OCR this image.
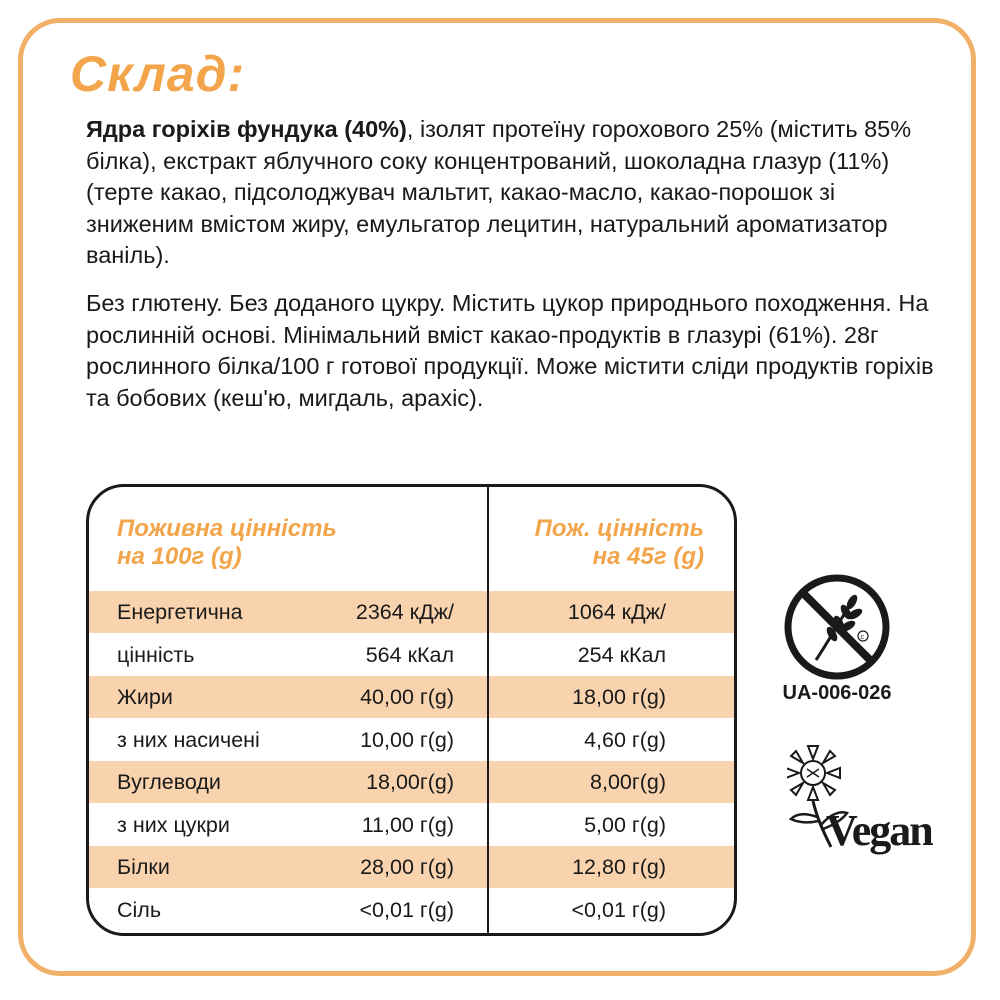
Склад:
Ядра горіхів фундука (40%), ізолят протеїну горохового 25% (містить 85% білка), екстракт яблучного соку концентрований, шоколадна глазур (11%) (терте какао, підсолоджувач мальтит, какао-масло, какао-порошок зі зниженим вмістом жиру, емульгатор лецитин, натуральний ароматизатор ваніль).
Без глютену. Без доданого цукру. Містить цукор природнього походження. На рослинній основі. Мінімальний вміст какао-продуктів в глазурі (61%). 28г рослинного білка/100 г готової продукції. Може містити сліди продуктів горіхів та бобових (кеш'ю, мигдаль, арахіс).
Поживна цінність
на 100г (g)
Пож. цінність
на 45г (g)
Енергетична	2364 кДж/	1064 кДж/
цінність	564 кКал	254 кКал
Жири	40,00 г(g)	18,00 г(g)
з них насичені	10,00 г(g)	4,60 г(g)
Вуглеводи	18,00г(g)	8,00г(g)
з них цукри	11,00 г(g)	5,00 г(g)
Білки	28,00 г(g)	12,80 г(g)
Сіль	<0,01 г(g)	<0,01 г(g)
c
UA-006-026
Vegan
